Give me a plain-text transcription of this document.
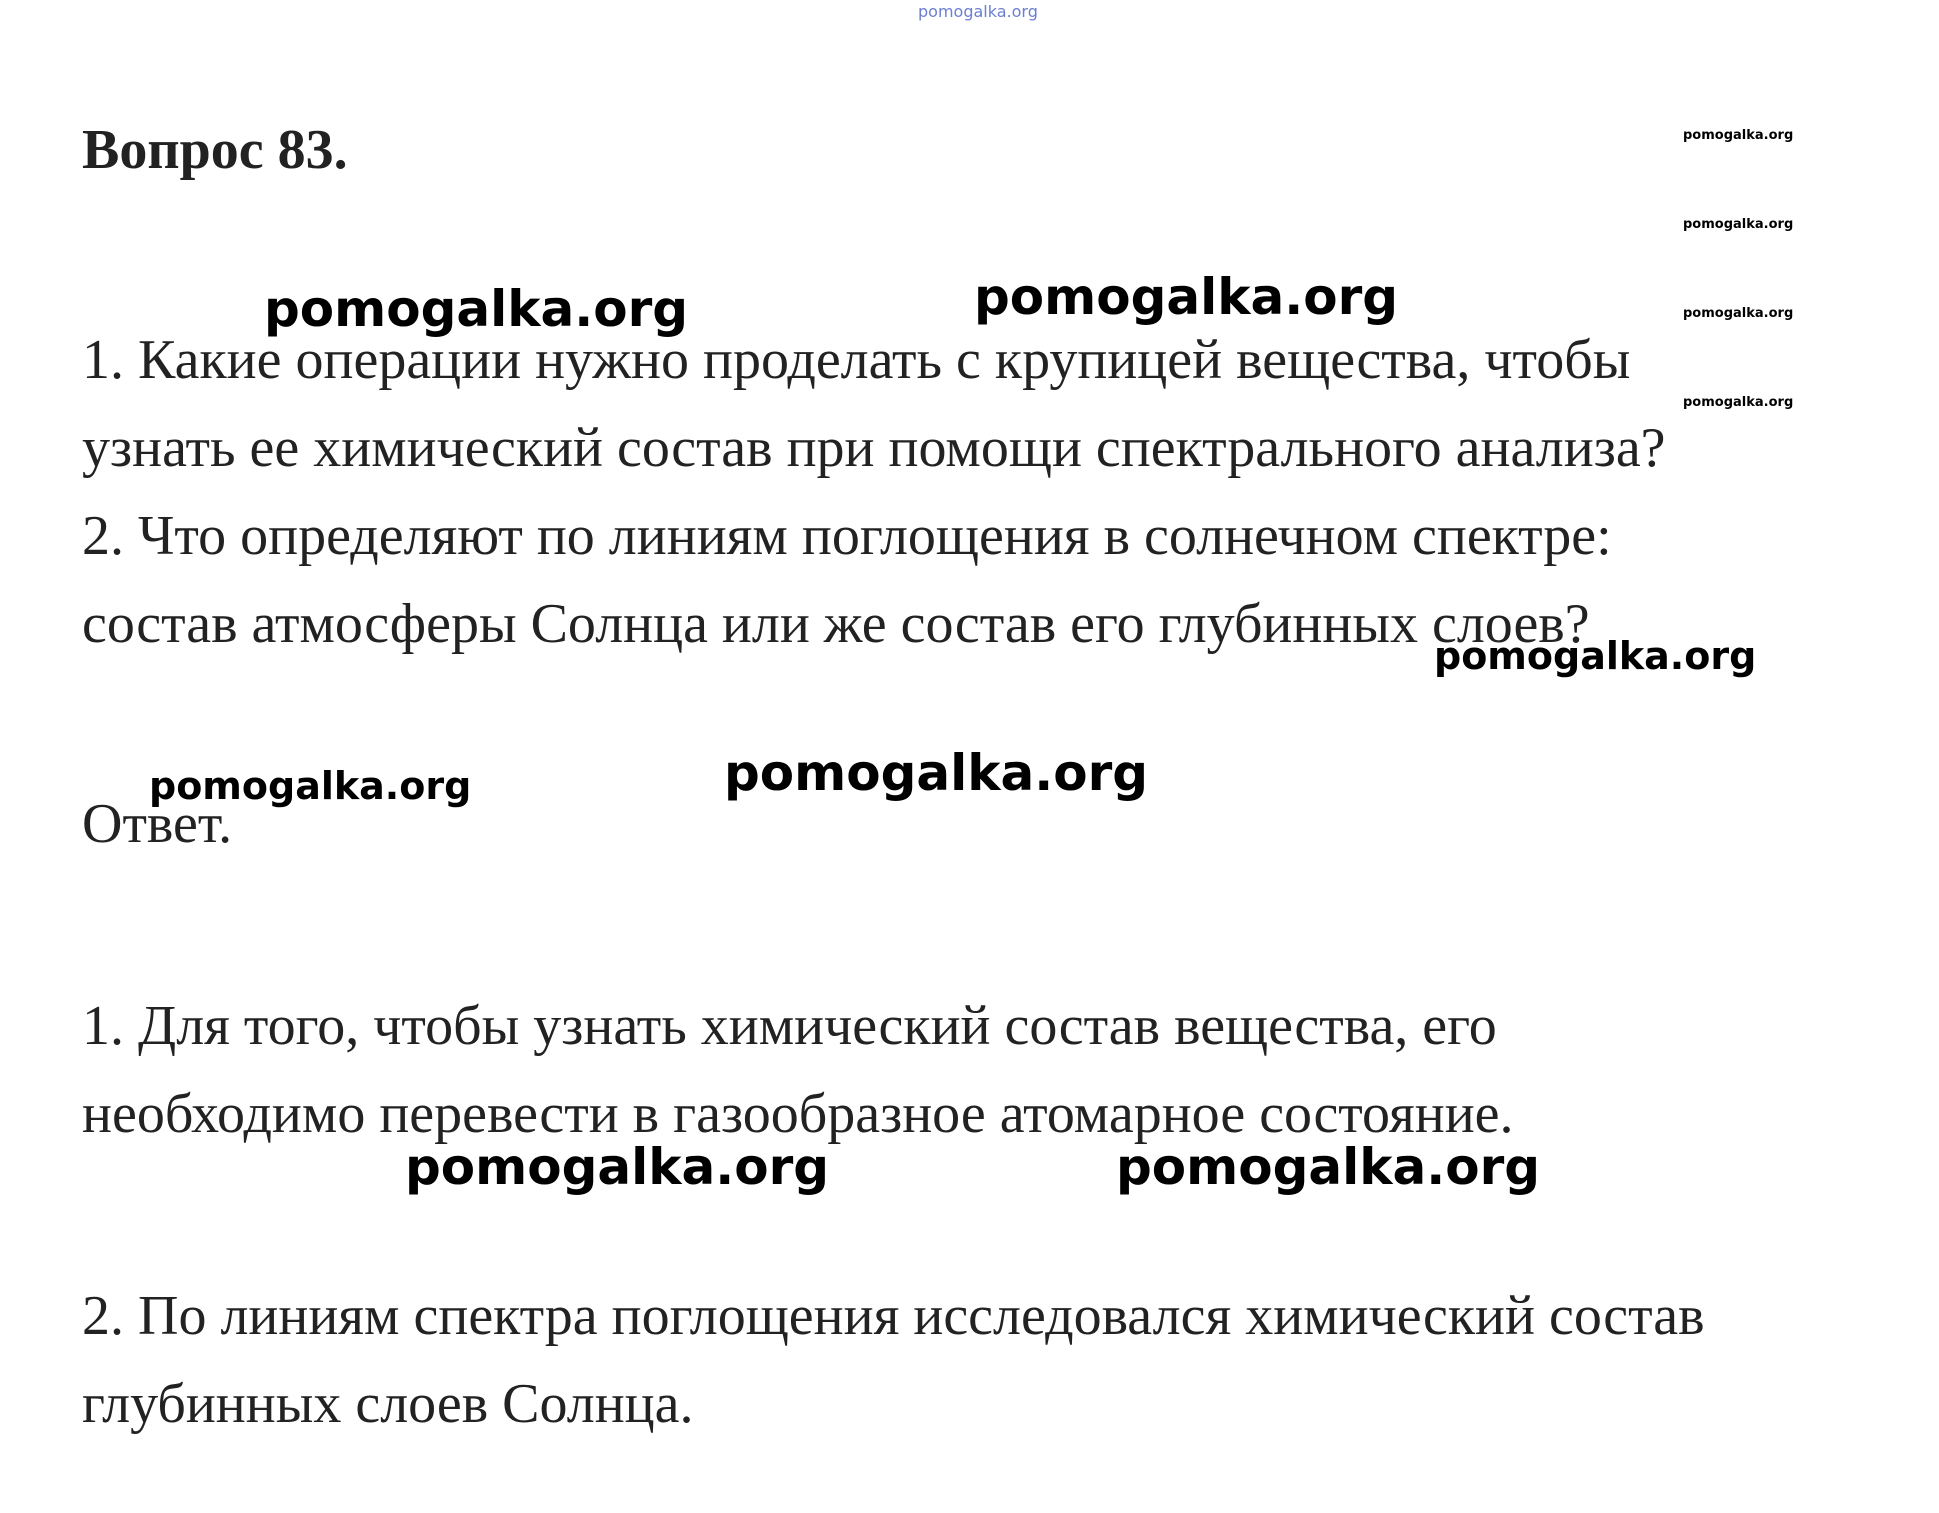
pomogalka.org
Вопрос 83.	pomogalka.org
pomogalka.org
pomogalka.org
pomogalka.org
1. Какие операции нужно проделать с крупицей вещества, чтобы
узнать ее химический состав при помощи спектрального анализа?
2. Что определяют по линиям поглощения в солнечном спектре:
состав атмосферы Солнца или же состав его глубинных слоев?
Ответ.
1. Для того, чтобы узнать химический состав вещества, его
необходимо перевести в газообразное атомарное состояние.
2. По линиям спектра поглощения исследовался химический состав
глубинных слоев Солнца.
pomogalka.org	pomogalka.org
pomogalka.org
pomogalka.org	pomogalka.org
pomogalka.org
pomogalka.org
